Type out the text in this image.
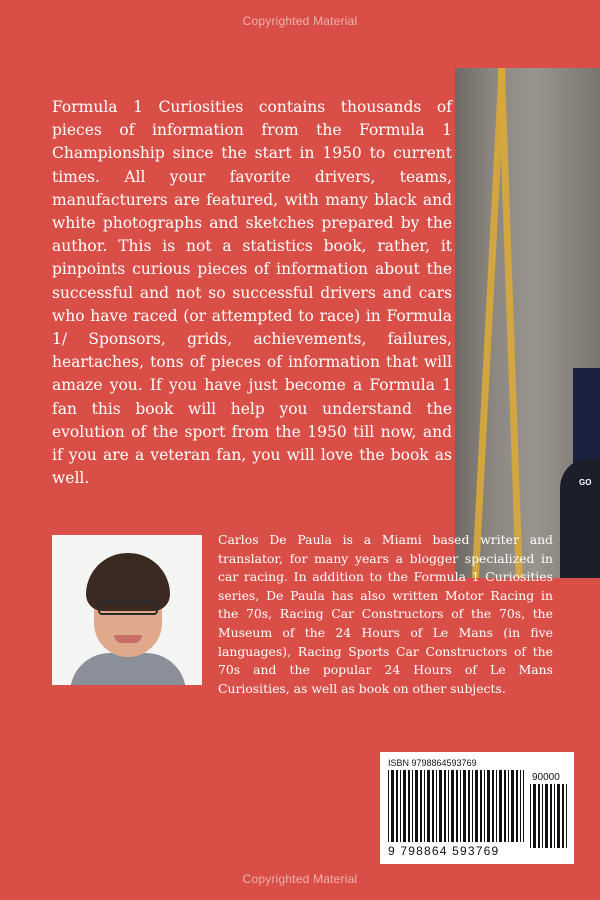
Copyrighted Material
GO

Formula 1 Curiosities contains thousands of pieces of information from the Formula 1 Championship since the start in 1950 to current times. All your favorite drivers, teams, manufacturers are featured, with many black and white photographs and sketches prepared by the author. This is not a statistics book, rather, it pinpoints curious pieces of information about the successful and not so successful drivers and cars who have raced (or attempted to race) in Formula 1/ Sponsors, grids, achievements, failures, heartaches, tons of pieces of information that will amaze you. If you have just become a Formula 1 fan this book will help you understand the evolution of the sport from the 1950 till now, and if you are a veteran fan, you will love the book as well.

Carlos De Paula is a Miami based writer and translator, for many years a blogger specialized in car racing. In addition to the Formula 1 Curiosities series, De Paula has also written Motor Racing in the 70s, Racing Car Constructors of the 70s, the Museum of the 24 Hours of Le Mans (in five languages), Racing Sports Car Constructors of the 70s and the popular 24 Hours of Le Mans Curiosities, as well as book on other subjects.

ISBN 9798864593769
90000
9 798864 593769
Copyrighted Material
